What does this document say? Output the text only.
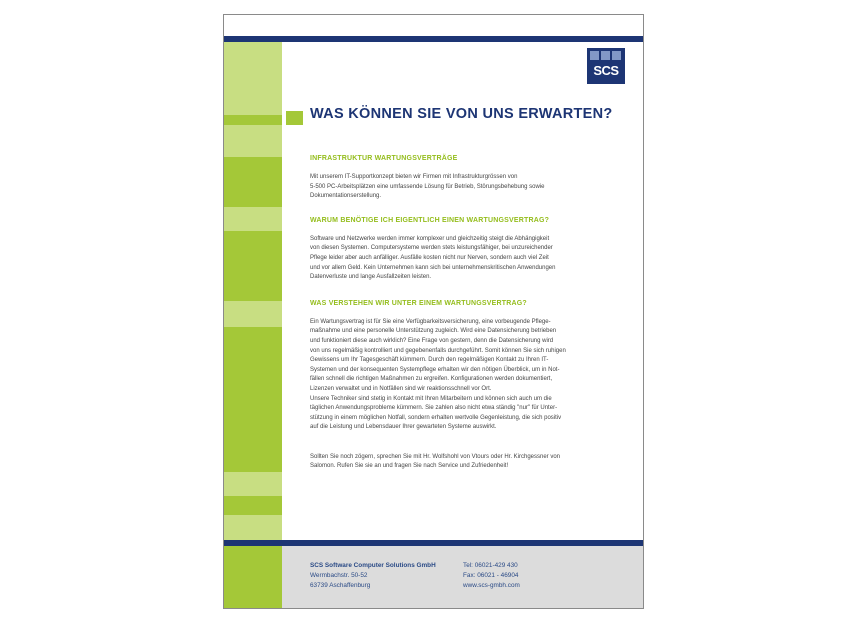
SCS
WAS KÖNNEN SIE VON UNS ERWARTEN?
INFRASTRUKTUR WARTUNGSVERTRÄGE
Mit unserem IT-Supportkonzept bieten wir Firmen mit Infrastrukturgrössen von
5-500 PC-Arbeitsplätzen eine umfassende Lösung für Betrieb, Störungsbehebung sowie
Dokumentationserstellung.
WARUM BENÖTIGE ICH EIGENTLICH EINEN WARTUNGSVERTRAG?
Software und Netzwerke werden immer komplexer und gleichzeitig steigt die Abhängigkeit
von diesen Systemen. Computersysteme werden stets leistungsfähiger, bei unzureichender
Pflege leider aber auch anfälliger. Ausfälle kosten nicht nur Nerven, sondern auch viel Zeit
und vor allem Geld. Kein Unternehmen kann sich bei unternehmenskritischen Anwendungen
Datenverluste und lange Ausfallzeiten leisten.
WAS VERSTEHEN WIR UNTER EINEM WARTUNGSVERTRAG?
Ein Wartungsvertrag ist für Sie eine Verfügbarkeitsversicherung, eine vorbeugende Pflege-
maßnahme und eine personelle Unterstützung zugleich. Wird eine Datensicherung betrieben
und funktioniert diese auch wirklich? Eine Frage von gestern, denn die Datensicherung wird
von uns regelmäßig kontrolliert und gegebenenfalls durchgeführt. Somit können Sie sich ruhigen
Gewissens um Ihr Tagesgeschäft kümmern. Durch den regelmäßigen Kontakt zu Ihren IT-
Systemen und der konsequenten Systempflege erhalten wir den nötigen Überblick, um in Not-
fällen schnell die richtigen Maßnahmen zu ergreifen. Konfigurationen werden dokumentiert,
Lizenzen verwaltet und in Notfällen sind wir reaktionsschnell vor Ort.
Unsere Techniker sind stetig in Kontakt mit Ihren Mitarbeitern und können sich auch um die
täglichen Anwendungsprobleme kümmern. Sie zahlen also nicht etwa ständig "nur" für Unter-
stützung in einem möglichen Notfall, sondern erhalten wertvolle Gegenleistung, die sich positiv
auf die Leistung und Lebensdauer Ihrer gewarteten Systeme auswirkt.
Sollten Sie noch zögern, sprechen Sie mit Hr. Wolfshohl von Vtours oder Hr. Kirchgessner von
Salomon. Rufen Sie sie an und fragen Sie nach Service und Zufriedenheit!
SCS Software Computer Solutions GmbH
Wermbachstr. 50-52
63739 Aschaffenburg
Tel: 06021-429 430
Fax: 06021 - 46904
www.scs-gmbh.com
